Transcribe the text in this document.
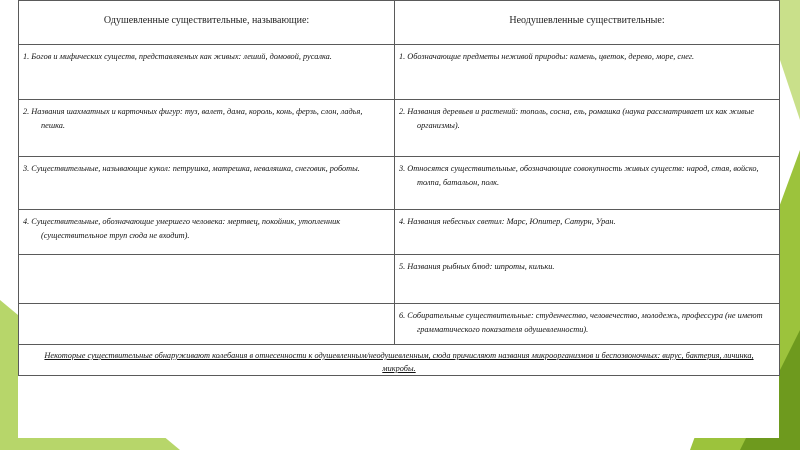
Одушевленные существительные, называющие:	Неодушевленные существительные:

1. Богов и мифических существ, представляемых как живых: леший, домовой, русалка.	1. Обозначающие предметы неживой природы: камень, цветок, дерево, море, снег.

2. Названия шахматных и карточных фигур: туз, валет, дама, король, конь, ферзь, слон, ладья, пешка.	2. Названия деревьев и растений: тополь, сосна, ель, ромашка (наука рассматривает их как живые организмы).

3. Существительные, называющие кукол: петрушка, матрешка, неваляшка, снеговик, роботы.	3. Относятся существительные, обозначающие совокупность живых существ: народ, стая, войско, толпа, батальон, полк.

4. Существительные, обозначающие умершего человека: мертвец, покойник, утопленник (существительное труп сюда не входит).	4. Названия небесных светил: Марс, Юпитер, Сатурн, Уран.

	5. Названия рыбных блюд: шпроты, кильки.

	6. Собирательные существительные: студенчество, человечество, молодежь, профессура (не имеют грамматического показателя одушевленности).

Некоторые существительные обнаруживают колебания в отнесенности к одушевленным/неодушевленным, сюда причисляют названия микроорганизмов и беспозвоночных: вирус, бактерия, личинка, микробы.	
